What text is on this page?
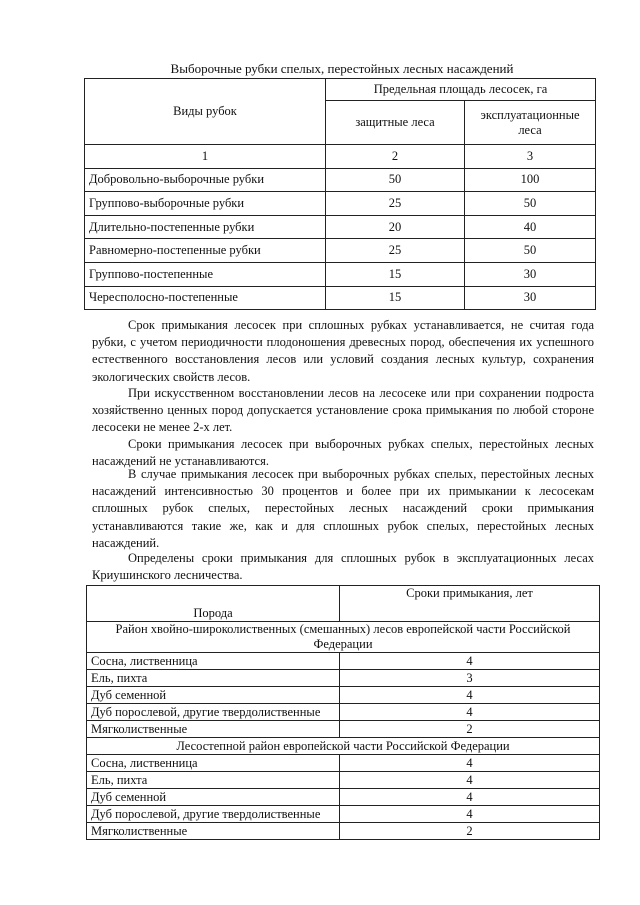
Выборочные рубки спелых, перестойных лесных насаждений
Виды рубок	Предельная площадь лесосек, га	
	защитные леса	эксплуатационные леса
1	2	3
Добровольно-выборочные рубки	50	100
Группово-выборочные рубки	25	50
Длительно-постепенные рубки	20	40
Равномерно-постепенные рубки	25	50
Группово-постепенные	15	30
Чересполосно-постепенные	15	30

Срок примыкания лесосек при сплошных рубках устанавливается, не считая года рубки, с учетом периодичности плодоношения древесных пород, обеспечения их успешного естественного восстановления лесов или условий создания лесных культур, сохранения экологических свойств лесов.

При искусственном восстановлении лесов на лесосеке или при сохранении подроста хозяйственно ценных пород допускается установление срока примыкания по любой стороне лесосеки не менее 2-х лет.

Сроки примыкания лесосек при выборочных рубках спелых, перестойных лесных насаждений не устанавливаются.

В случае примыкания лесосек при выборочных рубках спелых, перестойных лесных насаждений интенсивностью 30 процентов и более при их примыкании к лесосекам сплошных рубок спелых, перестойных лесных насаждений сроки примыкания устанавливаются такие же, как и для сплошных рубок спелых, перестойных лесных насаждений.

Определены сроки примыкания для сплошных рубок в эксплуатационных лесах Криушинского лесничества.

Порода	Сроки примыкания, лет
Район хвойно-широколиственных (смешанных) лесов европейской части Российской Федерации	
Сосна, лиственница	4
Ель, пихта	3
Дуб семенной	4
Дуб порослевой, другие твердолиственные	4
Мягколиственные	2
Лесостепной район европейской части Российской Федерации	
Сосна, лиственница	4
Ель, пихта	4
Дуб семенной	4
Дуб порослевой, другие твердолиственные	4
Мягколиственные	2
